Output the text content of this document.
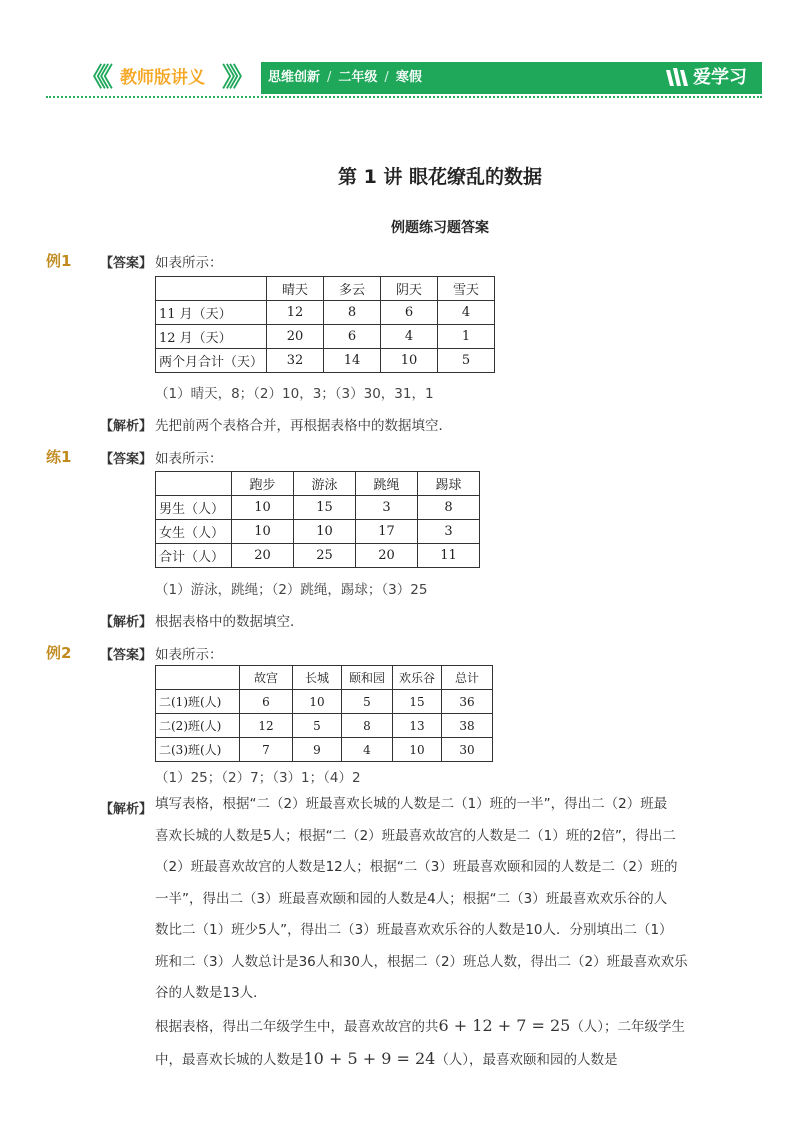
《《 教师版讲义 》》 思维创新 / 二年级 / 寒假	爱学习
第 1 讲 眼花缭乱的数据
例题练习题答案
例1 【答案】 如表所示：
	晴天	多云	阴天	雪天
11 月（天）	12	8	6	4
12 月（天）	20	6	4	1
两个月合计（天）	32	14	10	5
（1）晴天，8；（2）10，3；（3）30，31，1
【解析】 先把前两个表格合并，再根据表格中的数据填空．
练1 【答案】 如表所示：
	跑步	游泳	跳绳	踢球
男生（人）	10	15	3	8
女生（人）	10	10	17	3
合计（人）	20	25	20	11
（1）游泳，跳绳；（2）跳绳，踢球；（3）25
【解析】 根据表格中的数据填空．
例2 【答案】 如表所示：
	故宫	长城	颐和园	欢乐谷	总计
二(1)班(人)	6	10	5	15	36
二(2)班(人)	12	5	8	13	38
二(3)班(人)	7	9	4	10	30
（1）25；（2）7；（3）1；（4）2
【解析】 填写表格，根据“二（2）班最喜欢长城的人数是二（1）班的一半”，得出二（2）班最
喜欢长城的人数是5人；根据“二（2）班最喜欢故宫的人数是二（1）班的2倍”，得出二
（2）班最喜欢故宫的人数是12人；根据“二（3）班最喜欢颐和园的人数是二（2）班的
一半”，得出二（3）班最喜欢颐和园的人数是4人；根据“二（3）班最喜欢欢乐谷的人
数比二（1）班少5人”，得出二（3）班最喜欢欢乐谷的人数是10人．分别填出二（1）
班和二（3）人数总计是36人和30人，根据二（2）班总人数，得出二（2）班最喜欢欢乐
谷的人数是13人．
根据表格，得出二年级学生中，最喜欢故宫的共6 + 12 + 7 = 25（人）；二年级学生
中，最喜欢长城的人数是10 + 5 + 9 = 24（人），最喜欢颐和园的人数是
